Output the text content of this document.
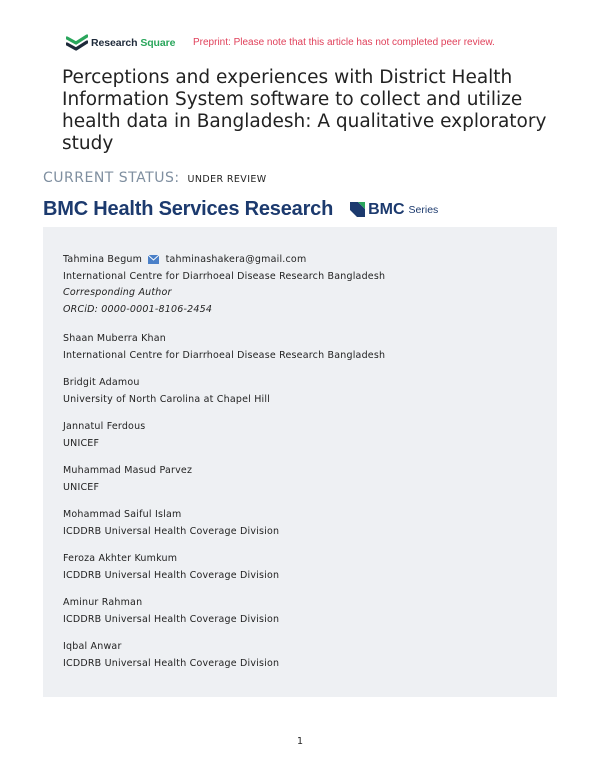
Research Square Preprint: Please note that this article has not completed peer review.
Perceptions and experiences with District Health Information System software to collect and utilize health data in Bangladesh: A qualitative exploratory study
CURRENT STATUS: UNDER REVIEW
BMC Health Services Research BMC Series
Tahmina Begum tahminashakera@gmail.com
International Centre for Diarrhoeal Disease Research Bangladesh
Corresponding Author
ORCiD: 0000-0001-8106-2454
Shaan Muberra Khan
International Centre for Diarrhoeal Disease Research Bangladesh
Bridgit Adamou
University of North Carolina at Chapel Hill
Jannatul Ferdous
UNICEF
Muhammad Masud Parvez
UNICEF
Mohammad Saiful Islam
ICDDRB Universal Health Coverage Division
Feroza Akhter Kumkum
ICDDRB Universal Health Coverage Division
Aminur Rahman
ICDDRB Universal Health Coverage Division
Iqbal Anwar
ICDDRB Universal Health Coverage Division
1
